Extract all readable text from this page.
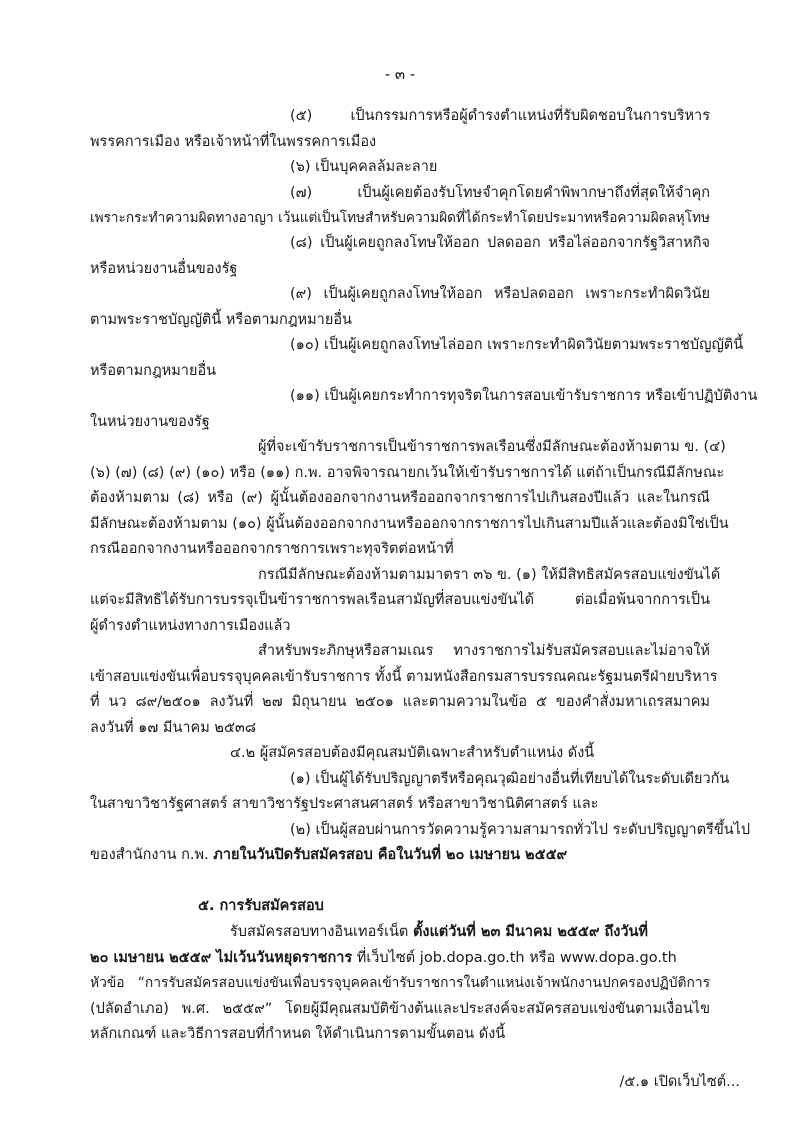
- ๓ -
(๕) เป็นกรรมการหรือผู้ดำรงตำแหน่งที่รับผิดชอบในการบริหาร
พรรคการเมือง หรือเจ้าหน้าที่ในพรรคการเมือง
(๖) เป็นบุคคลล้มละลาย
(๗) เป็นผู้เคยต้องรับโทษจำคุกโดยคำพิพากษาถึงที่สุดให้จำคุก
เพราะกระทำความผิดทางอาญา เว้นแต่เป็นโทษสำหรับความผิดที่ได้กระทำโดยประมาทหรือความผิดลหุโทษ
(๘) เป็นผู้เคยถูกลงโทษให้ออก ปลดออก หรือไล่ออกจากรัฐวิสาหกิจ
หรือหน่วยงานอื่นของรัฐ
(๙) เป็นผู้เคยถูกลงโทษให้ออก หรือปลดออก เพราะกระทำผิดวินัย
ตามพระราชบัญญัตินี้ หรือตามกฎหมายอื่น
(๑๐) เป็นผู้เคยถูกลงโทษไล่ออก เพราะกระทำผิดวินัยตามพระราชบัญญัตินี้
หรือตามกฎหมายอื่น
(๑๑) เป็นผู้เคยกระทำการทุจริตในการสอบเข้ารับราชการ หรือเข้าปฏิบัติงาน
ในหน่วยงานของรัฐ
ผู้ที่จะเข้ารับราชการเป็นข้าราชการพลเรือนซึ่งมีลักษณะต้องห้ามตาม ข. (๔)
(๖) (๗) (๘) (๙) (๑๐) หรือ (๑๑) ก.พ. อาจพิจารณายกเว้นให้เข้ารับราชการได้ แต่ถ้าเป็นกรณีมีลักษณะ
ต้องห้ามตาม (๘) หรือ (๙) ผู้นั้นต้องออกจากงานหรือออกจากราชการไปเกินสองปีแล้ว และในกรณี
มีลักษณะต้องห้ามตาม (๑๐) ผู้นั้นต้องออกจากงานหรือออกจากราชการไปเกินสามปีแล้วและต้องมิใช่เป็น
กรณีออกจากงานหรือออกจากราชการเพราะทุจริตต่อหน้าที่
กรณีมีลักษณะต้องห้ามตามมาตรา ๓๖ ข. (๑) ให้มีสิทธิสมัครสอบแข่งขันได้
แต่จะมีสิทธิได้รับการบรรจุเป็นข้าราชการพลเรือนสามัญที่สอบแข่งขันได้ ต่อเมื่อพ้นจากการเป็น
ผู้ดำรงตำแหน่งทางการเมืองแล้ว
สำหรับพระภิกษุหรือสามเณร ทางราชการไม่รับสมัครสอบและไม่อาจให้
เข้าสอบแข่งขันเพื่อบรรจุบุคคลเข้ารับราชการ ทั้งนี้ ตามหนังสือกรมสารบรรณคณะรัฐมนตรีฝ่ายบริหาร
ที่ นว ๘๙/๒๕๐๑ ลงวันที่ ๒๗ มิถุนายน ๒๕๐๑ และตามความในข้อ ๕ ของคำสั่งมหาเถรสมาคม
ลงวันที่ ๑๗ มีนาคม ๒๕๓๘
๔.๒ ผู้สมัครสอบต้องมีคุณสมบัติเฉพาะสำหรับตำแหน่ง ดังนี้
(๑) เป็นผู้ได้รับปริญญาตรีหรือคุณวุฒิอย่างอื่นที่เทียบได้ในระดับเดียวกัน
ในสาขาวิชารัฐศาสตร์ สาขาวิชารัฐประศาสนศาสตร์ หรือสาขาวิชานิติศาสตร์ และ
(๒) เป็นผู้สอบผ่านการวัดความรู้ความสามารถทั่วไป ระดับปริญญาตรีขึ้นไป
ของสำนักงาน ก.พ. ภายในวันปิดรับสมัครสอบ คือในวันที่ ๒๐ เมษายน ๒๕๕๙
๕. การรับสมัครสอบ
รับสมัครสอบทางอินเทอร์เน็ต ตั้งแต่วันที่ ๒๓ มีนาคม ๒๕๕๙ ถึงวันที่
๒๐ เมษายน ๒๕๕๙ ไม่เว้นวันหยุดราชการ ที่เว็บไซต์ job.dopa.go.th หรือ www.dopa.go.th
หัวข้อ “การรับสมัครสอบแข่งขันเพื่อบรรจุบุคคลเข้ารับราชการในตำแหน่งเจ้าพนักงานปกครองปฏิบัติการ
(ปลัดอำเภอ) พ.ศ. ๒๕๕๙” โดยผู้มีคุณสมบัติข้างต้นและประสงค์จะสมัครสอบแข่งขันตามเงื่อนไข
หลักเกณฑ์ และวิธีการสอบที่กำหนด ให้ดำเนินการตามขั้นตอน ดังนี้
/๕.๑ เปิดเว็บไซต์...
